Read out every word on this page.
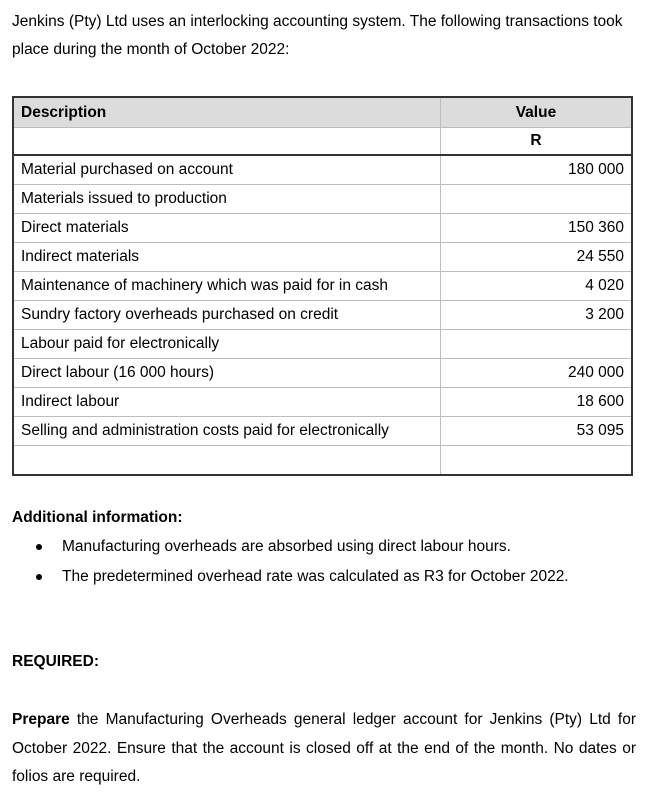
Jenkins (Pty) Ltd uses an interlocking accounting system. The following transactions took place during the month of October 2022:

Description	Value
	R
Material purchased on account	180 000
Materials issued to production	
Direct materials	150 360
Indirect materials	24 550
Maintenance of machinery which was paid for in cash	4 020
Sundry factory overheads purchased on credit	3 200
Labour paid for electronically	
Direct labour (16 000 hours)	240 000
Indirect labour	18 600
Selling and administration costs paid for electronically	53 095

Additional information:

Manufacturing overheads are absorbed using direct labour hours.
The predetermined overhead rate was calculated as R3 for October 2022.

REQUIRED:

Prepare the Manufacturing Overheads general ledger account for Jenkins (Pty) Ltd for October 2022. Ensure that the account is closed off at the end of the month. No dates or folios are required.
